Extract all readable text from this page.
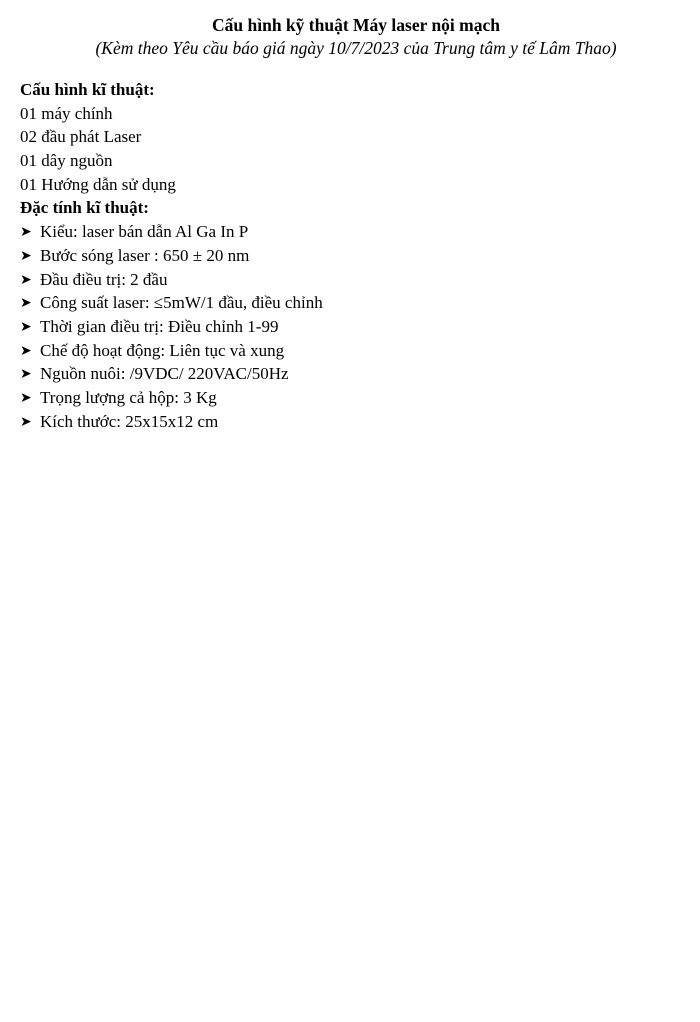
Cấu hình kỹ thuật Máy laser nội mạch
(Kèm theo Yêu cầu báo giá ngày 10/7/2023 của Trung tâm y tế Lâm Thao)
Cấu hình kĩ thuật:
01 máy chính
02 đầu phát Laser
01 dây nguồn
01 Hướng dẫn sử dụng
Đặc tính kĩ thuật:
➤ Kiểu: laser bán dẫn Al Ga In P
➤ Bước sóng laser : 650 ± 20 nm
➤ Đầu điều trị: 2 đầu
➤ Công suất laser: ≤5mW/1 đầu, điều chỉnh
➤ Thời gian điều trị: Điều chỉnh 1-99
➤ Chế độ hoạt động: Liên tục và xung
➤ Nguồn nuôi: /9VDC/ 220VAC/50Hz
➤ Trọng lượng cả hộp: 3 Kg
➤ Kích thước: 25x15x12 cm
